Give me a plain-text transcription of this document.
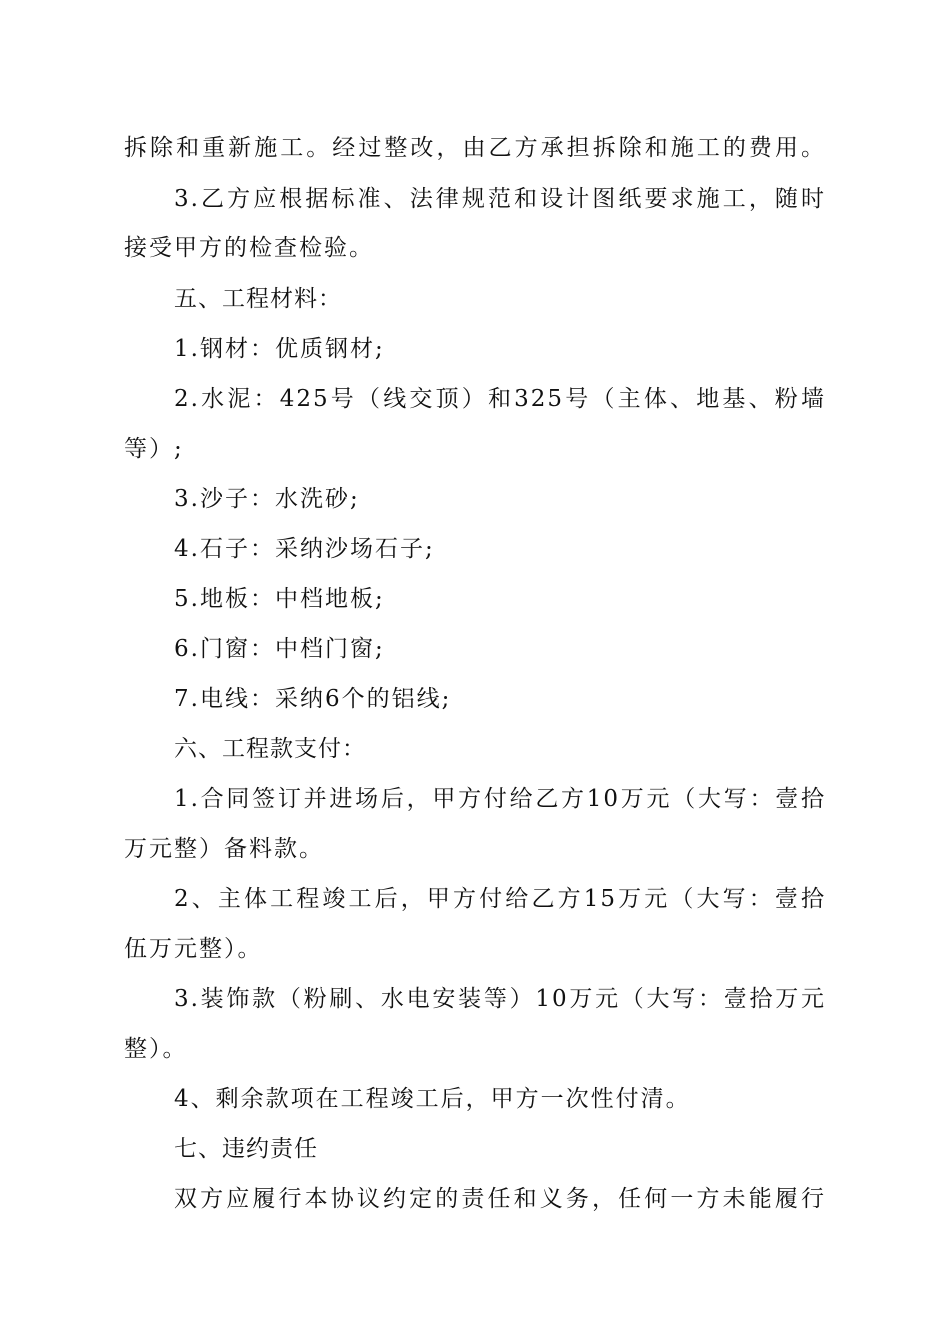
拆除和重新施工。经过整改，由乙方承担拆除和施工的费用。
3.乙方应根据标准、法律规范和设计图纸要求施工，随时
接受甲方的检查检验。
五、工程材料：
1.钢材：优质钢材;
2.水泥：425号（线交顶）和325号（主体、地基、粉墙
等）;
3.沙子：水洗砂;
4.石子：采纳沙场石子;
5.地板：中档地板;
6.门窗：中档门窗;
7.电线：采纳6个的铝线;
六、工程款支付：
1.合同签订并进场后，甲方付给乙方10万元（大写：壹拾
万元整）备料款。
2、主体工程竣工后，甲方付给乙方15万元（大写：壹拾
伍万元整）。
3.装饰款（粉刷、水电安装等）10万元（大写：壹拾万元
整）。
4、剩余款项在工程竣工后，甲方一次性付清。
七、违约责任
双方应履行本协议约定的责任和义务，任何一方未能履行
